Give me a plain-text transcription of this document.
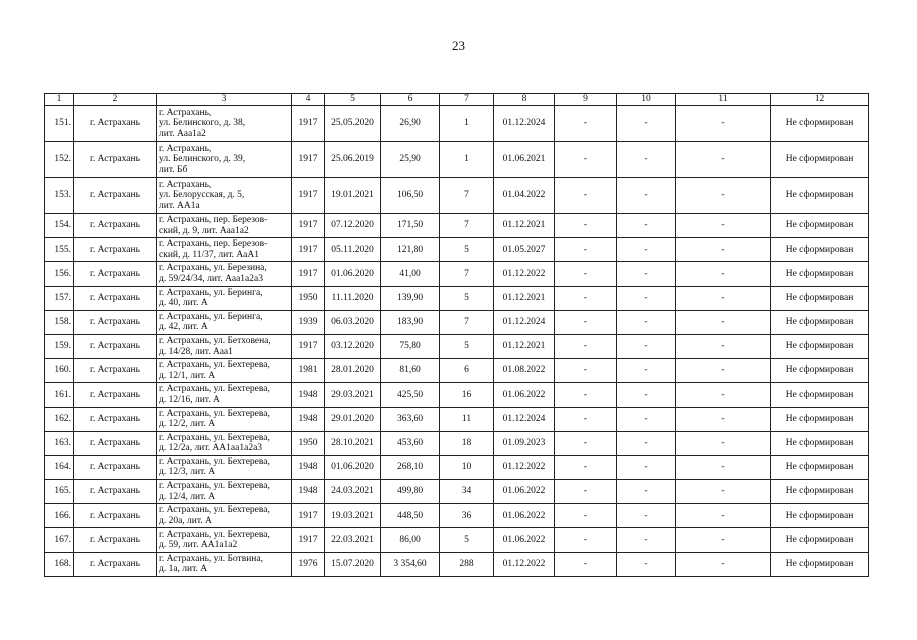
23
1	2	3	4	5	6	7	8	9	10	11	12
151.	г. Астрахань	г. Астрахань,
ул. Белинского, д. 38,
лит. Ааа1а2	1917	25.05.2020	26,90	1	01.12.2024	-	-	-	Не сформирован
152.	г. Астрахань	г. Астрахань,
ул. Белинского, д. 39,
лит. Бб	1917	25.06.2019	25,90	1	01.06.2021	-	-	-	Не сформирован
153.	г. Астрахань	г. Астрахань,
ул. Белорусская, д. 5,
лит. АА1а	1917	19.01.2021	106,50	7	01.04.2022	-	-	-	Не сформирован
154.	г. Астрахань	г. Астрахань, пер. Березов-
ский, д. 9, лит. Ааа1а2	1917	07.12.2020	171,50	7	01.12.2021	-	-	-	Не сформирован
155.	г. Астрахань	г. Астрахань, пер. Березов-
ский, д. 11/37, лит. АаА1	1917	05.11.2020	121,80	5	01.05.2027	-	-	-	Не сформирован
156.	г. Астрахань	г. Астрахань, ул. Березина,
д. 59/24/34, лит. Ааа1а2а3	1917	01.06.2020	41,00	7	01.12.2022	-	-	-	Не сформирован
157.	г. Астрахань	г. Астрахань, ул. Беринга,
д. 40, лит. А	1950	11.11.2020	139,90	5	01.12.2021	-	-	-	Не сформирован
158.	г. Астрахань	г. Астрахань, ул. Беринга,
д. 42, лит. А	1939	06.03.2020	183,90	7	01.12.2024	-	-	-	Не сформирован
159.	г. Астрахань	г. Астрахань, ул. Бетховена,
д. 14/28, лит. Ааа1	1917	03.12.2020	75,80	5	01.12.2021	-	-	-	Не сформирован
160.	г. Астрахань	г. Астрахань, ул. Бехтерева,
д. 12/1, лит. А	1981	28.01.2020	81,60	6	01.08.2022	-	-	-	Не сформирован
161.	г. Астрахань	г. Астрахань, ул. Бехтерева,
д. 12/16, лит. А	1948	29.03.2021	425,50	16	01.06.2022	-	-	-	Не сформирован
162.	г. Астрахань	г. Астрахань, ул. Бехтерева,
д. 12/2, лит. А	1948	29.01.2020	363,60	11	01.12.2024	-	-	-	Не сформирован
163.	г. Астрахань	г. Астрахань, ул. Бехтерева,
д. 12/2а, лит. АА1аа1а2а3	1950	28.10.2021	453,60	18	01.09.2023	-	-	-	Не сформирован
164.	г. Астрахань	г. Астрахань, ул. Бехтерева,
д. 12/3, лит. А	1948	01.06.2020	268,10	10	01.12.2022	-	-	-	Не сформирован
165.	г. Астрахань	г. Астрахань, ул. Бехтерева,
д. 12/4, лит. А	1948	24.03.2021	499,80	34	01.06.2022	-	-	-	Не сформирован
166.	г. Астрахань	г. Астрахань, ул. Бехтерева,
д. 20а, лит. А	1917	19.03.2021	448,50	36	01.06.2022	-	-	-	Не сформирован
167.	г. Астрахань	г. Астрахань, ул. Бехтерева,
д. 59, лит. АА1а1а2	1917	22.03.2021	86,00	5	01.06.2022	-	-	-	Не сформирован
168.	г. Астрахань	г. Астрахань, ул. Ботвина,
д. 1а, лит. А	1976	15.07.2020	3 354,60	288	01.12.2022	-	-	-	Не сформирован
